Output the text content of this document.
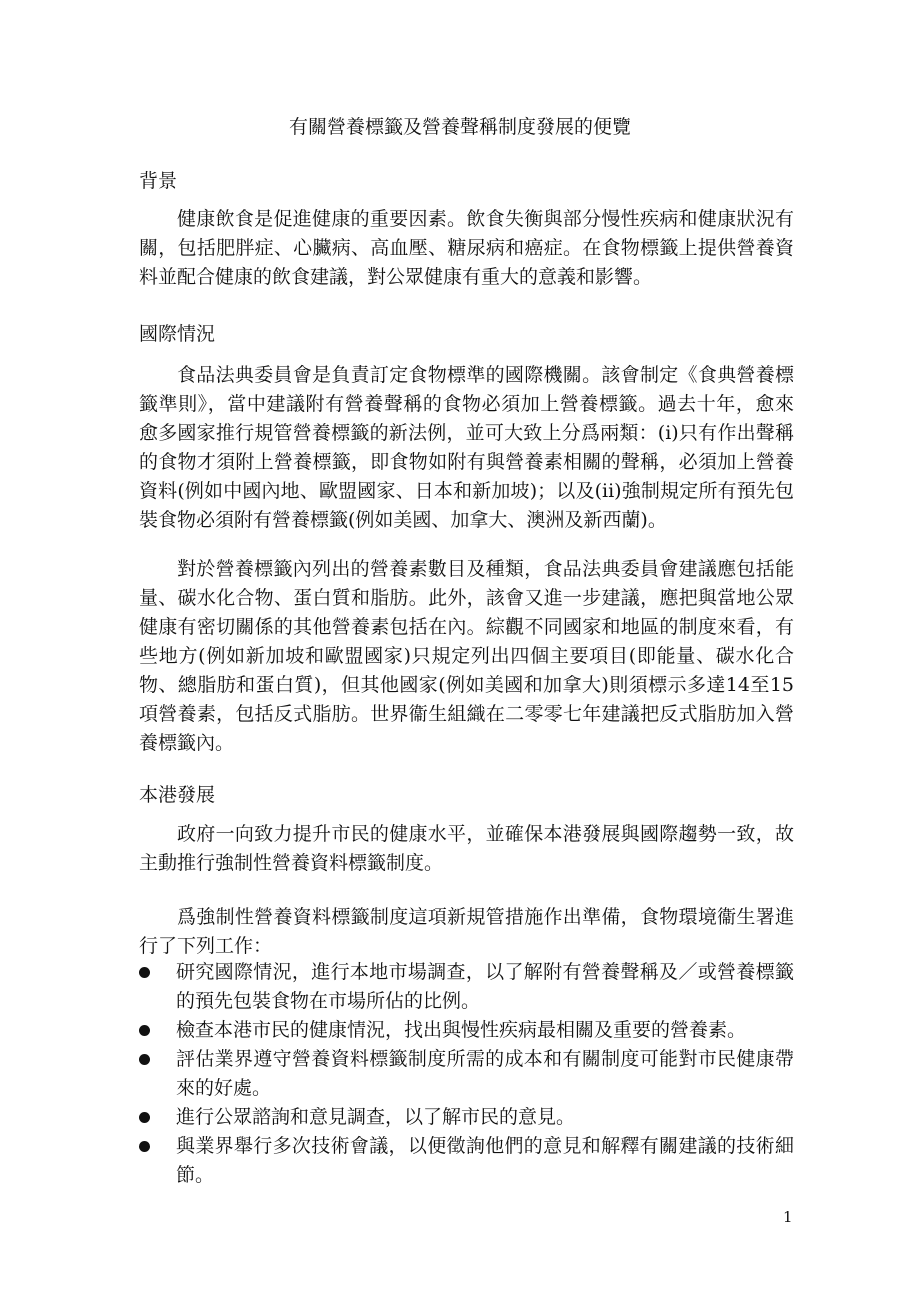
有關營養標籤及營養聲稱制度發展的便覽
背景

健康飲食是促進健康的重要因素。飲食失衡與部分慢性疾病和健康狀況有關，包括肥胖症、心臟病、高血壓、糖尿病和癌症。在食物標籤上提供營養資料並配合健康的飲食建議，對公眾健康有重大的意義和影響。

國際情況

食品法典委員會是負責訂定食物標準的國際機關。該會制定《食典營養標籤準則》，當中建議附有營養聲稱的食物必須加上營養標籤。過去十年，愈來愈多國家推行規管營養標籤的新法例，並可大致上分爲兩類：(i)只有作出聲稱的食物才須附上營養標籤，即食物如附有與營養素相關的聲稱，必須加上營養資料(例如中國內地、歐盟國家、日本和新加坡)；以及(ii)強制規定所有預先包裝食物必須附有營養標籤(例如美國、加拿大、澳洲及新西蘭)。

對於營養標籤內列出的營養素數目及種類，食品法典委員會建議應包括能量、碳水化合物、蛋白質和脂肪。此外，該會又進一步建議，應把與當地公眾健康有密切關係的其他營養素包括在內。綜觀不同國家和地區的制度來看，有些地方(例如新加坡和歐盟國家)只規定列出四個主要項目(即能量、碳水化合物、總脂肪和蛋白質)，但其他國家(例如美國和加拿大)則須標示多達14至15項營養素，包括反式脂肪。世界衞生組織在二零零七年建議把反式脂肪加入營養標籤內。

本港發展

政府一向致力提升市民的健康水平，並確保本港發展與國際趨勢一致，故主動推行強制性營養資料標籤制度。

爲強制性營養資料標籤制度這項新規管措施作出準備，食物環境衞生署進行了下列工作：

研究國際情況，進行本地市場調查，以了解附有營養聲稱及／或營養標籤的預先包裝食物在市場所佔的比例。
檢查本港市民的健康情況，找出與慢性疾病最相關及重要的營養素。
評估業界遵守營養資料標籤制度所需的成本和有關制度可能對市民健康帶來的好處。
進行公眾諮詢和意見調查，以了解市民的意見。
與業界舉行多次技術會議，以便徵詢他們的意見和解釋有關建議的技術細節。
1
